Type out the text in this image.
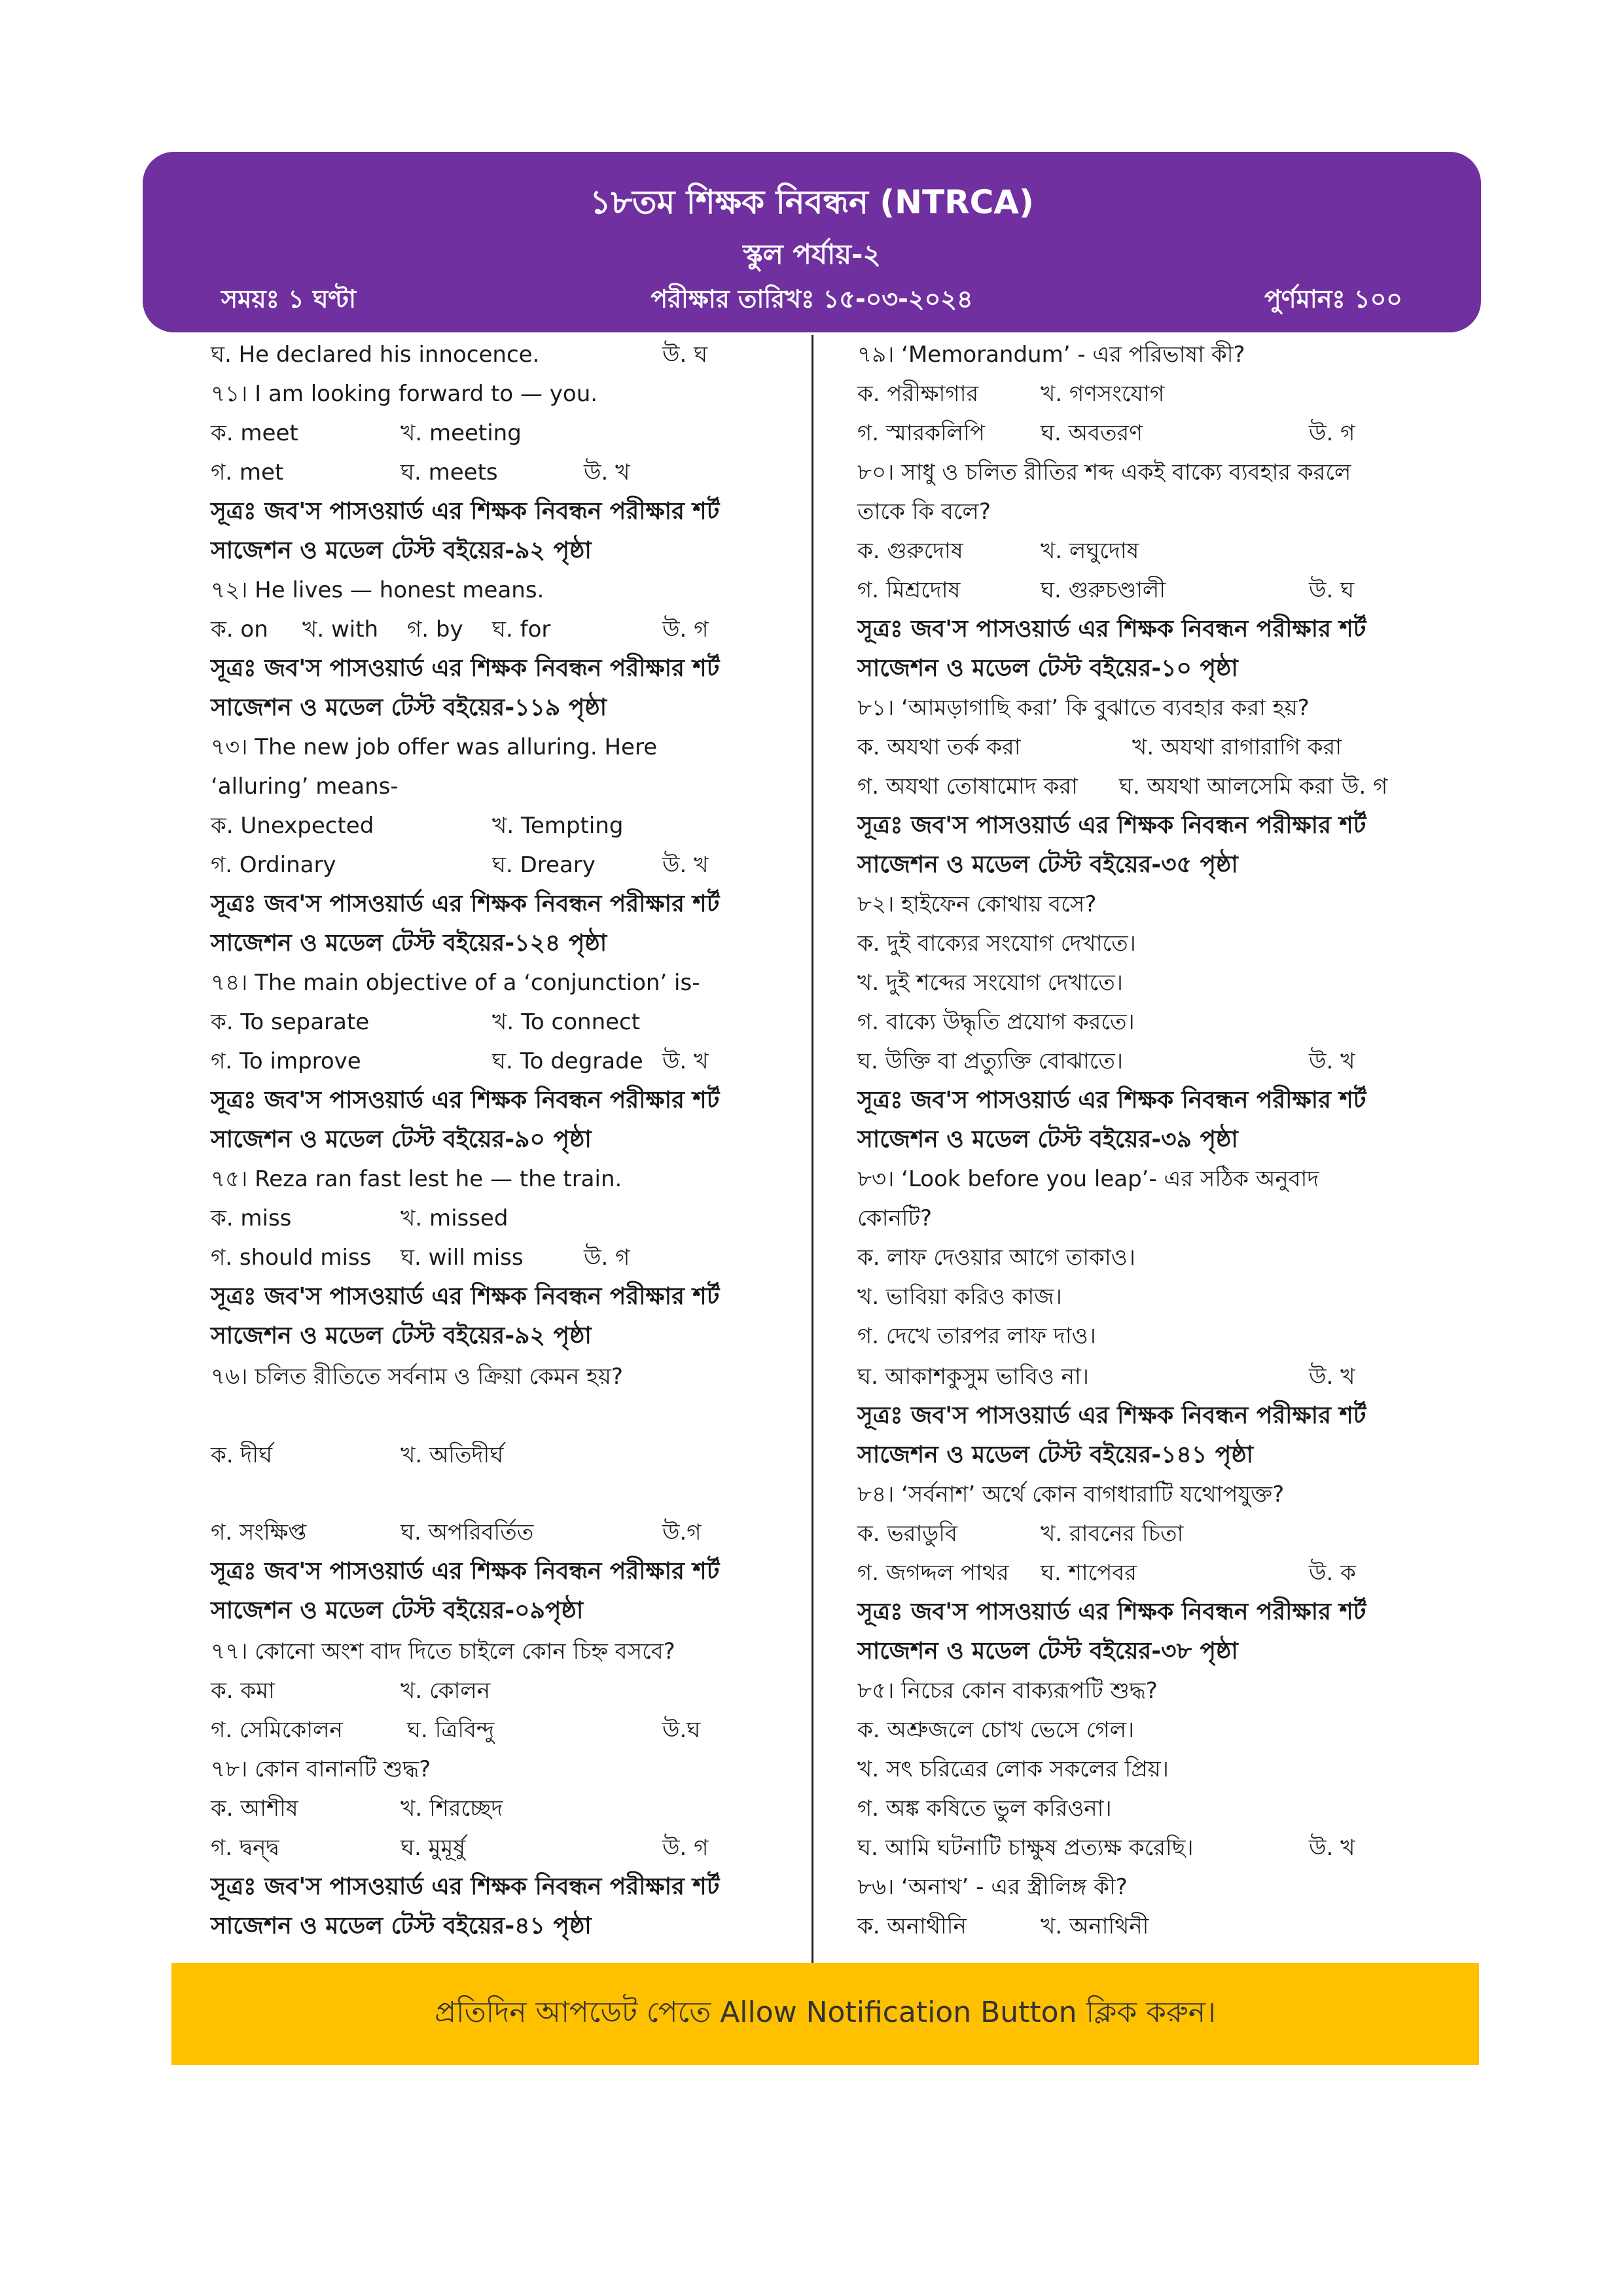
১৮তম শিক্ষক নিবন্ধন (NTRCA)
স্কুল পর্যায়-২
সময়ঃ ১ ঘণ্টা	পরীক্ষার তারিখঃ ১৫-০৩-২০২৪	পুর্ণমানঃ ১০০
ঘ. He declared his innocence.	উ. ঘ
৭১। I am looking forward to — you.
ক. meet	খ. meeting
গ. met	ঘ. meets	উ. খ
সূত্রঃ জব'স পাসওয়ার্ড এর শিক্ষক নিবন্ধন পরীক্ষার শর্ট
সাজেশন ও মডেল টেস্ট বইয়ের-৯২ পৃষ্ঠা
৭২। He lives — honest means.
ক. on খ. with গ. by ঘ. for	উ. গ
সূত্রঃ জব'স পাসওয়ার্ড এর শিক্ষক নিবন্ধন পরীক্ষার শর্ট
সাজেশন ও মডেল টেস্ট বইয়ের-১১৯ পৃষ্ঠা
৭৩। The new job offer was alluring. Here
‘alluring’ means-
ক. Unexpected	খ. Tempting
গ. Ordinary	ঘ. Dreary	উ. খ
সূত্রঃ জব'স পাসওয়ার্ড এর শিক্ষক নিবন্ধন পরীক্ষার শর্ট
সাজেশন ও মডেল টেস্ট বইয়ের-১২৪ পৃষ্ঠা
৭৪। The main objective of a ‘conjunction’ is-
ক. To separate	খ. To connect
গ. To improve	ঘ. To degrade উ. খ
সূত্রঃ জব'স পাসওয়ার্ড এর শিক্ষক নিবন্ধন পরীক্ষার শর্ট
সাজেশন ও মডেল টেস্ট বইয়ের-৯০ পৃষ্ঠা
৭৫। Reza ran fast lest he — the train.
ক. miss	খ. missed
গ. should miss ঘ. will miss	উ. গ
সূত্রঃ জব'স পাসওয়ার্ড এর শিক্ষক নিবন্ধন পরীক্ষার শর্ট
সাজেশন ও মডেল টেস্ট বইয়ের-৯২ পৃষ্ঠা
৭৬। চলিত রীতিতে সর্বনাম ও ক্রিয়া কেমন হয়?
ক. দীর্ঘ	খ. অতিদীর্ঘ
গ. সংক্ষিপ্ত	ঘ. অপরিবর্তিত	উ.গ
সূত্রঃ জব'স পাসওয়ার্ড এর শিক্ষক নিবন্ধন পরীক্ষার শর্ট
সাজেশন ও মডেল টেস্ট বইয়ের-০৯পৃষ্ঠা
৭৭। কোনো অংশ বাদ দিতে চাইলে কোন চিহ্ন বসবে?
ক. কমা	খ. কোলন
গ. সেমিকোলন	ঘ. ত্রিবিন্দু	উ.ঘ
৭৮। কোন বানানটি শুদ্ধ?
ক. আশীষ	খ. শিরচ্ছেদ
গ. দ্বন্দ্ব	ঘ. মুমূর্ষু	উ. গ
সূত্রঃ জব'স পাসওয়ার্ড এর শিক্ষক নিবন্ধন পরীক্ষার শর্ট
সাজেশন ও মডেল টেস্ট বইয়ের-৪১ পৃষ্ঠা
৭৯। ‘Memorandum’ - এর পরিভাষা কী?
ক. পরীক্ষাগার	খ. গণসংযোগ
গ. স্মারকলিপি	ঘ. অবতরণ	উ. গ
৮০। সাধু ও চলিত রীতির শব্দ একই বাক্যে ব্যবহার করলে
তাকে কি বলে?
ক. গুরুদোষ	খ. লঘুদোষ
গ. মিশ্রদোষ	ঘ. গুরুচণ্ডালী	উ. ঘ
সূত্রঃ জব'স পাসওয়ার্ড এর শিক্ষক নিবন্ধন পরীক্ষার শর্ট
সাজেশন ও মডেল টেস্ট বইয়ের-১০ পৃষ্ঠা
৮১। ‘আমড়াগাছি করা’ কি বুঝাতে ব্যবহার করা হয়?
ক. অযথা তর্ক করা	খ. অযথা রাগারাগি করা
গ. অযথা তোষামোদ করা ঘ. অযথা আলসেমি করা উ. গ
সূত্রঃ জব'স পাসওয়ার্ড এর শিক্ষক নিবন্ধন পরীক্ষার শর্ট
সাজেশন ও মডেল টেস্ট বইয়ের-৩৫ পৃষ্ঠা
৮২। হাইফেন কোথায় বসে?
ক. দুই বাক্যের সংযোগ দেখাতে।
খ. দুই শব্দের সংযোগ দেখাতে।
গ. বাক্যে উদ্ধৃতি প্রযোগ করতে।
ঘ. উক্তি বা প্রত্যুক্তি বোঝাতে।	উ. খ
সূত্রঃ জব'স পাসওয়ার্ড এর শিক্ষক নিবন্ধন পরীক্ষার শর্ট
সাজেশন ও মডেল টেস্ট বইয়ের-৩৯ পৃষ্ঠা
৮৩। ‘Look before you leap’- এর সঠিক অনুবাদ
কোনটি?
ক. লাফ দেওয়ার আগে তাকাও।
খ. ভাবিয়া করিও কাজ।
গ. দেখে তারপর লাফ দাও।
ঘ. আকাশকুসুম ভাবিও না।	উ. খ
সূত্রঃ জব'স পাসওয়ার্ড এর শিক্ষক নিবন্ধন পরীক্ষার শর্ট
সাজেশন ও মডেল টেস্ট বইয়ের-১৪১ পৃষ্ঠা
৮৪। ‘সর্বনাশ’ অর্থে কোন বাগধারাটি যথোপযুক্ত?
ক. ভরাডুবি	খ. রাবনের চিতা
গ. জগদ্দল পাথর ঘ. শাপেবর	উ. ক
সূত্রঃ জব'স পাসওয়ার্ড এর শিক্ষক নিবন্ধন পরীক্ষার শর্ট
সাজেশন ও মডেল টেস্ট বইয়ের-৩৮ পৃষ্ঠা
৮৫। নিচের কোন বাক্যরূপটি শুদ্ধ?
ক. অশ্রুজলে চোখ ভেসে গেল।
খ. সৎ চরিত্রের লোক সকলের প্রিয়।
গ. অঙ্ক কষিতে ভুল করিওনা।
ঘ. আমি ঘটনাটি চাক্ষুষ প্রত্যক্ষ করেছি।	উ. খ
৮৬। ‘অনাথ’ - এর স্ত্রীলিঙ্গ কী?
ক. অনাথীনি	খ. অনাথিনী
প্রতিদিন আপডেট পেতে Allow Notification Button ক্লিক করুন।
